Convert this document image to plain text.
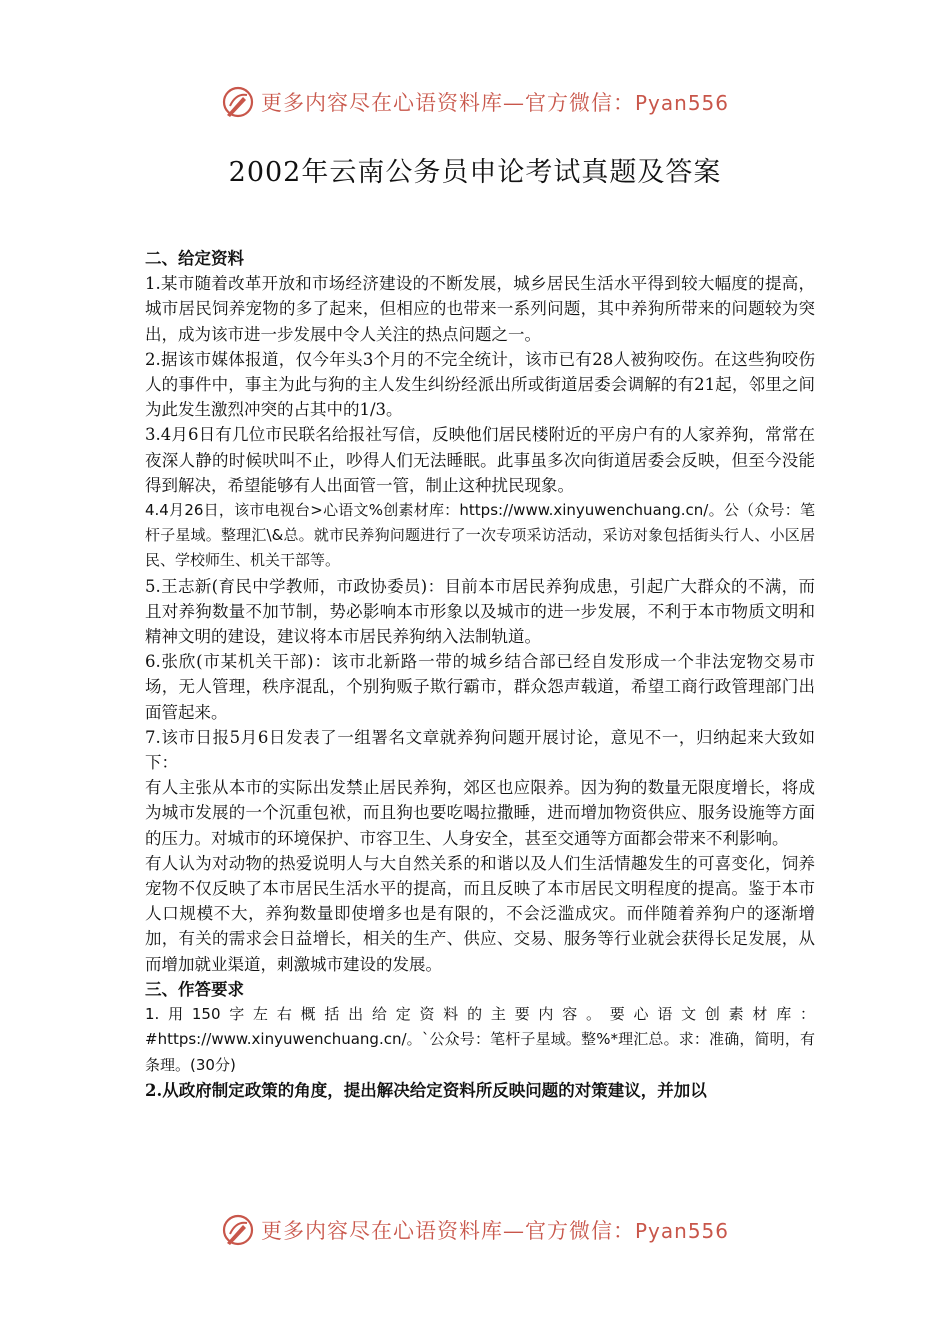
更多内容尽在心语资料库—官方微信：Pyan556
2002年云南公务员申论考试真题及答案

二、给定资料

1.某市随着改革开放和市场经济建设的不断发展，城乡居民生活水平得到较大幅度的提高，城市居民饲养宠物的多了起来，但相应的也带来一系列问题，其中养狗所带来的问题较为突出，成为该市进一步发展中令人关注的热点问题之一。

2.据该市媒体报道，仅今年头3个月的不完全统计，该市已有28人被狗咬伤。在这些狗咬伤人的事件中，事主为此与狗的主人发生纠纷经派出所或街道居委会调解的有21起，邻里之间为此发生激烈冲突的占其中的1/3。

3.4月6日有几位市民联名给报社写信，反映他们居民楼附近的平房户有的人家养狗，常常在夜深人静的时候吠叫不止，吵得人们无法睡眠。此事虽多次向街道居委会反映，但至今没能得到解决，希望能够有人出面管一管，制止这种扰民现象。

4.4月26日，该市电视台>心语文%创素材库：https://www.xinyuwenchuang.cn/。公（众号：笔杆子星域。整理汇\&总。就市民养狗问题进行了一次专项采访活动，采访对象包括街头行人、小区居民、学校师生、机关干部等。

5.王志新(育民中学教师，市政协委员)：目前本市居民养狗成患，引起广大群众的不满，而且对养狗数量不加节制，势必影响本市形象以及城市的进一步发展，不利于本市物质文明和精神文明的建设，建议将本市居民养狗纳入法制轨道。

6.张欣(市某机关干部)：该市北新路一带的城乡结合部已经自发形成一个非法宠物交易市场，无人管理，秩序混乱，个别狗贩子欺行霸市，群众怨声载道，希望工商行政管理部门出面管起来。

7.该市日报5月6日发表了一组署名文章就养狗问题开展讨论，意见不一，归纳起来大致如下：

有人主张从本市的实际出发禁止居民养狗，郊区也应限养。因为狗的数量无限度增长，将成为城市发展的一个沉重包袱，而且狗也要吃喝拉撒睡，进而增加物资供应、服务设施等方面的压力。对城市的环境保护、市容卫生、人身安全，甚至交通等方面都会带来不利影响。

有人认为对动物的热爱说明人与大自然关系的和谐以及人们生活情趣发生的可喜变化，饲养宠物不仅反映了本市居民生活水平的提高，而且反映了本市居民文明程度的提高。鉴于本市人口规模不大，养狗数量即使增多也是有限的，不会泛滥成灾。而伴随着养狗户的逐渐增加，有关的需求会日益增长，相关的生产、供应、交易、服务等行业就会获得长足发展，从而增加就业渠道，刺激城市建设的发展。

三、作答要求

1.用150字左右概括出给定资料的主要内容。要心语文创素材库：#https://www.xinyuwenchuang.cn/。`公众号：笔杆子星域。整%*理汇总。求：准确，简明，有条理。(30分)

2.从政府制定政策的角度，提出解决给定资料所反映问题的对策建议，并加以

更多内容尽在心语资料库—官方微信：Pyan556
